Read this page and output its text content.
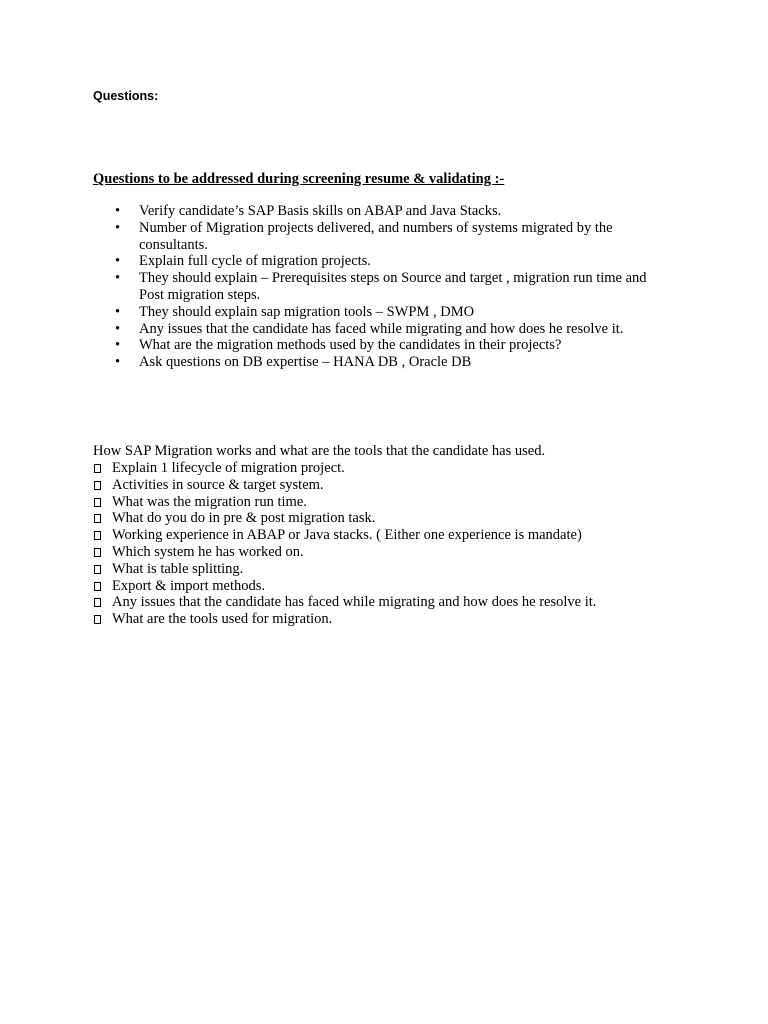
Questions:
Questions to be addressed during screening resume & validating :-
• Verify candidate’s SAP Basis skills on ABAP and Java Stacks.
• Number of Migration projects delivered, and numbers of systems migrated by the consultants.
• Explain full cycle of migration projects.
• They should explain – Prerequisites steps on Source and target , migration run time and Post migration steps.
• They should explain sap migration tools – SWPM , DMO
• Any issues that the candidate has faced while migrating and how does he resolve it.
• What are the migration methods used by the candidates in their projects?
• Ask questions on DB expertise – HANA DB , Oracle DB
How SAP Migration works and what are the tools that the candidate has used.
Explain 1 lifecycle of migration project.
Activities in source & target system.
What was the migration run time.
What do you do in pre & post migration task.
Working experience in ABAP or Java stacks. ( Either one experience is mandate)
Which system he has worked on.
What is table splitting.
Export & import methods.
Any issues that the candidate has faced while migrating and how does he resolve it.
What are the tools used for migration.
